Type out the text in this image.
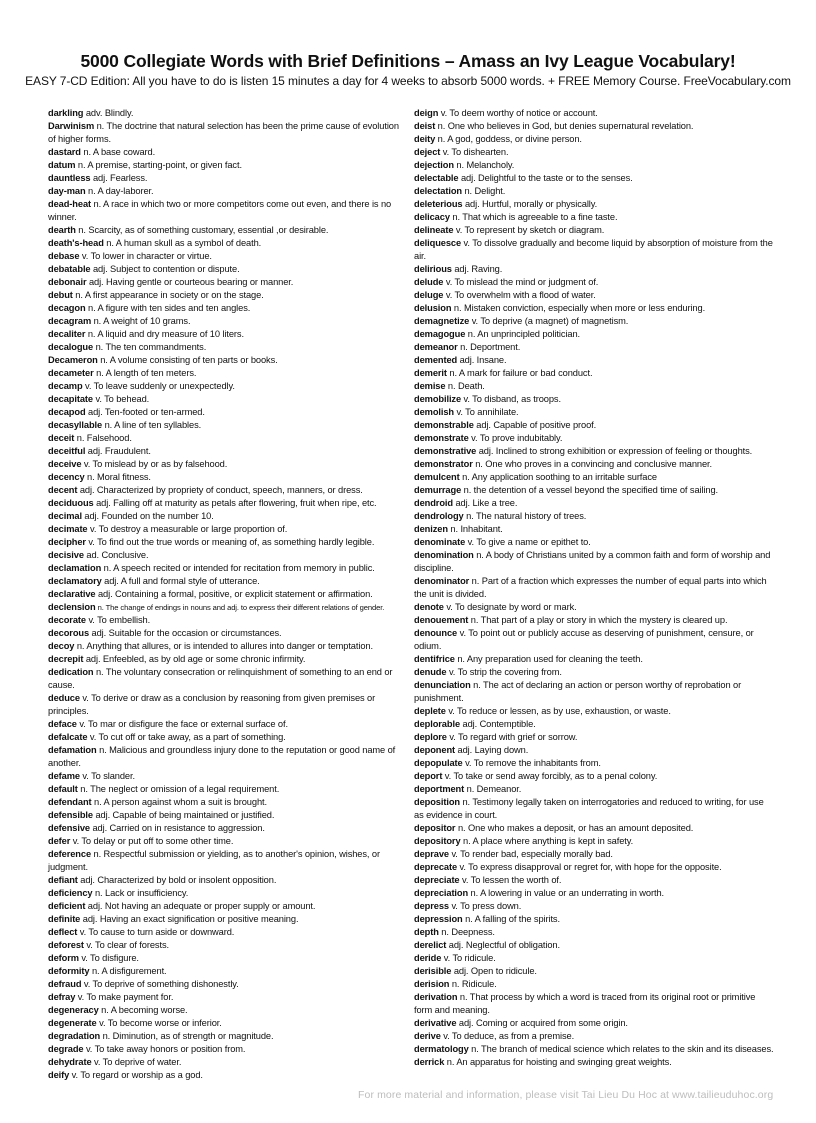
5000 Collegiate Words with Brief Definitions – Amass an Ivy League Vocabulary!
EASY 7-CD Edition: All you have to do is listen 15 minutes a day for 4 weeks to absorb 5000 words. + FREE Memory Course. FreeVocabulary.com
darkling adv. Blindly.
Darwinism n. The doctrine that natural selection has been the prime cause of evolution of higher forms.
dastard n. A base coward.
datum n. A premise, starting-point, or given fact.
dauntless adj. Fearless.
day-man n. A day-laborer.
dead-heat n. A race in which two or more competitors come out even, and there is no winner.
dearth n. Scarcity, as of something customary, essential ,or desirable.
death's-head n. A human skull as a symbol of death.
debase v. To lower in character or virtue.
debatable adj. Subject to contention or dispute.
debonair adj. Having gentle or courteous bearing or manner.
debut n. A first appearance in society or on the stage.
decagon n. A figure with ten sides and ten angles.
decagram n. A weight of 10 grams.
decaliter n. A liquid and dry measure of 10 liters.
decalogue n. The ten commandments.
Decameron n. A volume consisting of ten parts or books.
decameter n. A length of ten meters.
decamp v. To leave suddenly or unexpectedly.
decapitate v. To behead.
decapod adj. Ten-footed or ten-armed.
decasyllable n. A line of ten syllables.
deceit n. Falsehood.
deceitful adj. Fraudulent.
deceive v. To mislead by or as by falsehood.
decency n. Moral fitness.
decent adj. Characterized by propriety of conduct, speech, manners, or dress.
deciduous adj. Falling off at maturity as petals after flowering, fruit when ripe, etc.
decimal adj. Founded on the number 10.
decimate v. To destroy a measurable or large proportion of.
decipher v. To find out the true words or meaning of, as something hardly legible.
decisive ad. Conclusive.
declamation n. A speech recited or intended for recitation from memory in public.
declamatory adj. A full and formal style of utterance.
declarative adj. Containing a formal, positive, or explicit statement or affirmation.
declension n. The change of endings in nouns and adj. to express their different relations of gender.
decorate v. To embellish.
decorous adj. Suitable for the occasion or circumstances.
decoy n. Anything that allures, or is intended to allures into danger or temptation.
decrepit adj. Enfeebled, as by old age or some chronic infirmity.
dedication n. The voluntary consecration or relinquishment of something to an end or cause.
deduce v. To derive or draw as a conclusion by reasoning from given premises or principles.
deface v. To mar or disfigure the face or external surface of.
defalcate v. To cut off or take away, as a part of something.
defamation n. Malicious and groundless injury done to the reputation or good name of another.
defame v. To slander.
default n. The neglect or omission of a legal requirement.
defendant n. A person against whom a suit is brought.
defensible adj. Capable of being maintained or justified.
defensive adj. Carried on in resistance to aggression.
defer v. To delay or put off to some other time.
deference n. Respectful submission or yielding, as to another's opinion, wishes, or judgment.
defiant adj. Characterized by bold or insolent opposition.
deficiency n. Lack or insufficiency.
deficient adj. Not having an adequate or proper supply or amount.
definite adj. Having an exact signification or positive meaning.
deflect v. To cause to turn aside or downward.
deforest v. To clear of forests.
deform v. To disfigure.
deformity n. A disfigurement.
defraud v. To deprive of something dishonestly.
defray v. To make payment for.
degeneracy n. A becoming worse.
degenerate v. To become worse or inferior.
degradation n. Diminution, as of strength or magnitude.
degrade v. To take away honors or position from.
dehydrate v. To deprive of water.
deify v. To regard or worship as a god.
deign v. To deem worthy of notice or account.
deist n. One who believes in God, but denies supernatural revelation.
deity n. A god, goddess, or divine person.
deject v. To dishearten.
dejection n. Melancholy.
delectable adj. Delightful to the taste or to the senses.
delectation n. Delight.
deleterious adj. Hurtful, morally or physically.
delicacy n. That which is agreeable to a fine taste.
delineate v. To represent by sketch or diagram.
deliquesce v. To dissolve gradually and become liquid by absorption of moisture from the air.
delirious adj. Raving.
delude v. To mislead the mind or judgment of.
deluge v. To overwhelm with a flood of water.
delusion n. Mistaken conviction, especially when more or less enduring.
demagnetize v. To deprive (a magnet) of magnetism.
demagogue n. An unprincipled politician.
demeanor n. Deportment.
demented adj. Insane.
demerit n. A mark for failure or bad conduct.
demise n. Death.
demobilize v. To disband, as troops.
demolish v. To annihilate.
demonstrable adj. Capable of positive proof.
demonstrate v. To prove indubitably.
demonstrative adj. Inclined to strong exhibition or expression of feeling or thoughts.
demonstrator n. One who proves in a convincing and conclusive manner.
demulcent n. Any application soothing to an irritable surface
demurrage n. the detention of a vessel beyond the specified time of sailing.
dendroid adj. Like a tree.
dendrology n. The natural history of trees.
denizen n. Inhabitant.
denominate v. To give a name or epithet to.
denomination n. A body of Christians united by a common faith and form of worship and discipline.
denominator n. Part of a fraction which expresses the number of equal parts into which the unit is divided.
denote v. To designate by word or mark.
denouement n. That part of a play or story in which the mystery is cleared up.
denounce v. To point out or publicly accuse as deserving of punishment, censure, or odium.
dentifrice n. Any preparation used for cleaning the teeth.
denude v. To strip the covering from.
denunciation n. The act of declaring an action or person worthy of reprobation or punishment.
deplete v. To reduce or lessen, as by use, exhaustion, or waste.
deplorable adj. Contemptible.
deplore v. To regard with grief or sorrow.
deponent adj. Laying down.
depopulate v. To remove the inhabitants from.
deport v. To take or send away forcibly, as to a penal colony.
deportment n. Demeanor.
deposition n. Testimony legally taken on interrogatories and reduced to writing, for use as evidence in court.
depositor n. One who makes a deposit, or has an amount deposited.
depository n. A place where anything is kept in safety.
deprave v. To render bad, especially morally bad.
deprecate v. To express disapproval or regret for, with hope for the opposite.
depreciate v. To lessen the worth of.
depreciation n. A lowering in value or an underrating in worth.
depress v. To press down.
depression n. A falling of the spirits.
depth n. Deepness.
derelict adj. Neglectful of obligation.
deride v. To ridicule.
derisible adj. Open to ridicule.
derision n. Ridicule.
derivation n. That process by which a word is traced from its original root or primitive form and meaning.
derivative adj. Coming or acquired from some origin.
derive v. To deduce, as from a premise.
dermatology n. The branch of medical science which relates to the skin and its diseases.
derrick n. An apparatus for hoisting and swinging great weights.
For more material and information, please visit Tai Lieu Du Hoc at www.tailieuduhoc.org
